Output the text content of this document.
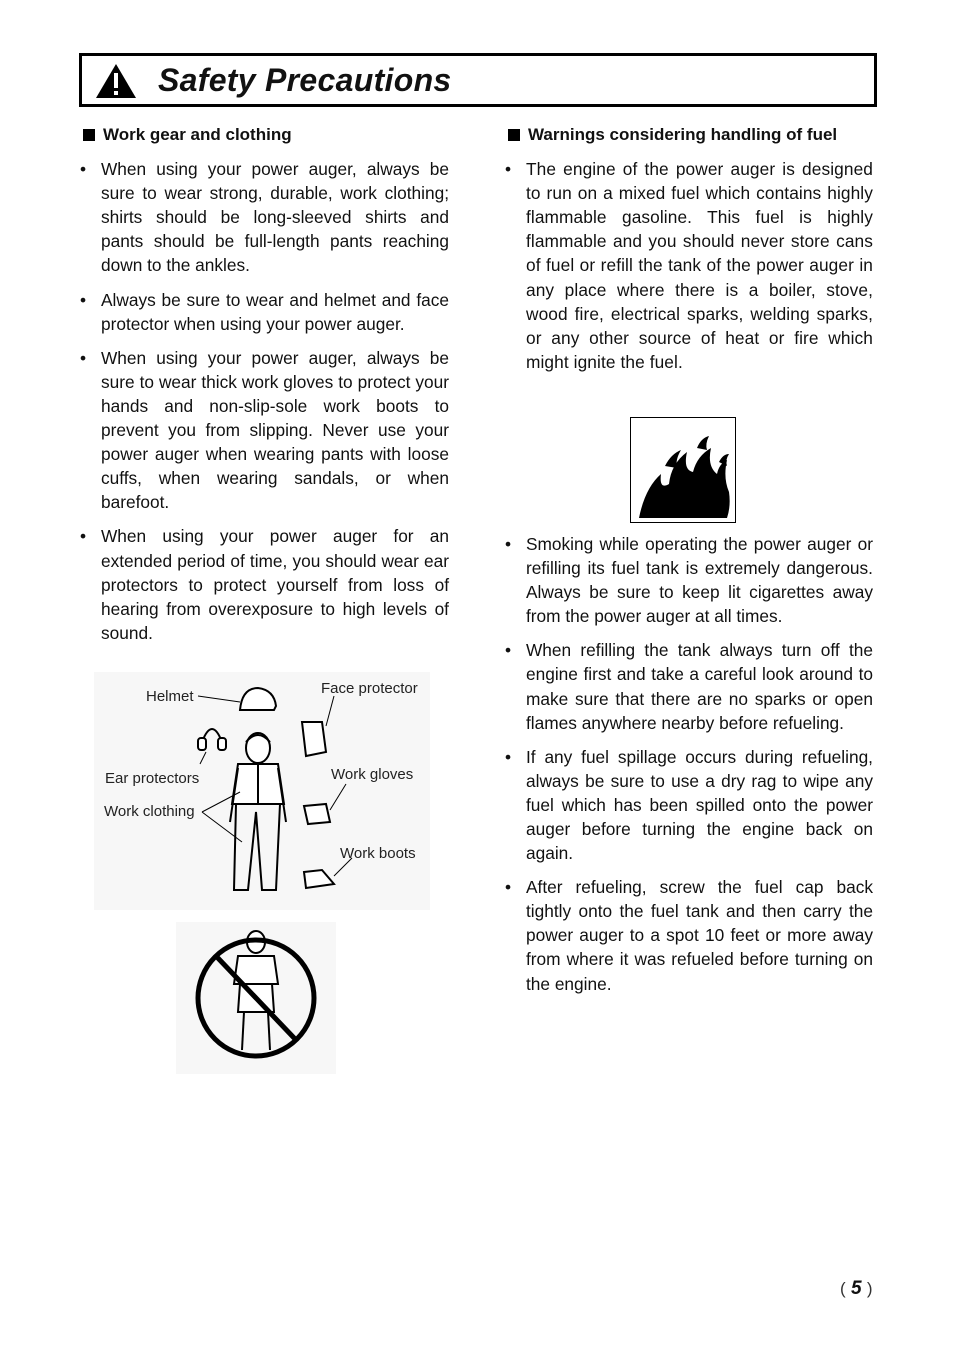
Safety Precautions
Work gear and clothing
• When using your power auger, always be sure to wear strong, durable, work clothing; shirts should be long-sleeved shirts and pants should be full-length pants reaching down to the ankles.
• Always be sure to wear and helmet and face protector when using your power auger.
• When using your power auger, always be sure to wear thick work gloves to protect your hands and non-slip-sole work boots to prevent you from slipping. Never use your power auger when wearing pants with loose cuffs, when wearing sandals, or when barefoot.
• When using your power auger for an extended period of time, you should wear ear protectors to protect yourself from loss of hearing from overexposure to high levels of sound.
Helmet	Face protector
Ear protectors	Work gloves
Work clothing
Work boots
Warnings considering handling of fuel
• The engine of the power auger is designed to run on a mixed fuel which contains highly flammable gasoline. This fuel is highly flammable and you should never store cans of fuel or refill the tank of the power auger in any place where there is a boiler, stove, wood fire, electrical sparks, welding sparks, or any other source of heat or fire which might ignite the fuel.
• Smoking while operating the power auger or refilling its fuel tank is extremely dangerous. Always be sure to keep lit cigarettes away from the power auger at all times.
• When refilling the tank always turn off the engine first and take a careful look around to make sure that there are no sparks or open flames anywhere nearby before refueling.
• If any fuel spillage occurs during refueling, always be sure to use a dry rag to wipe any fuel which has been spilled onto the power auger before turning the engine back on again.
• After refueling, screw the fuel cap back tightly onto the fuel tank and then carry the power auger to a spot 10 feet or more away from where it was refueled before turning on the engine.
( 5 )
